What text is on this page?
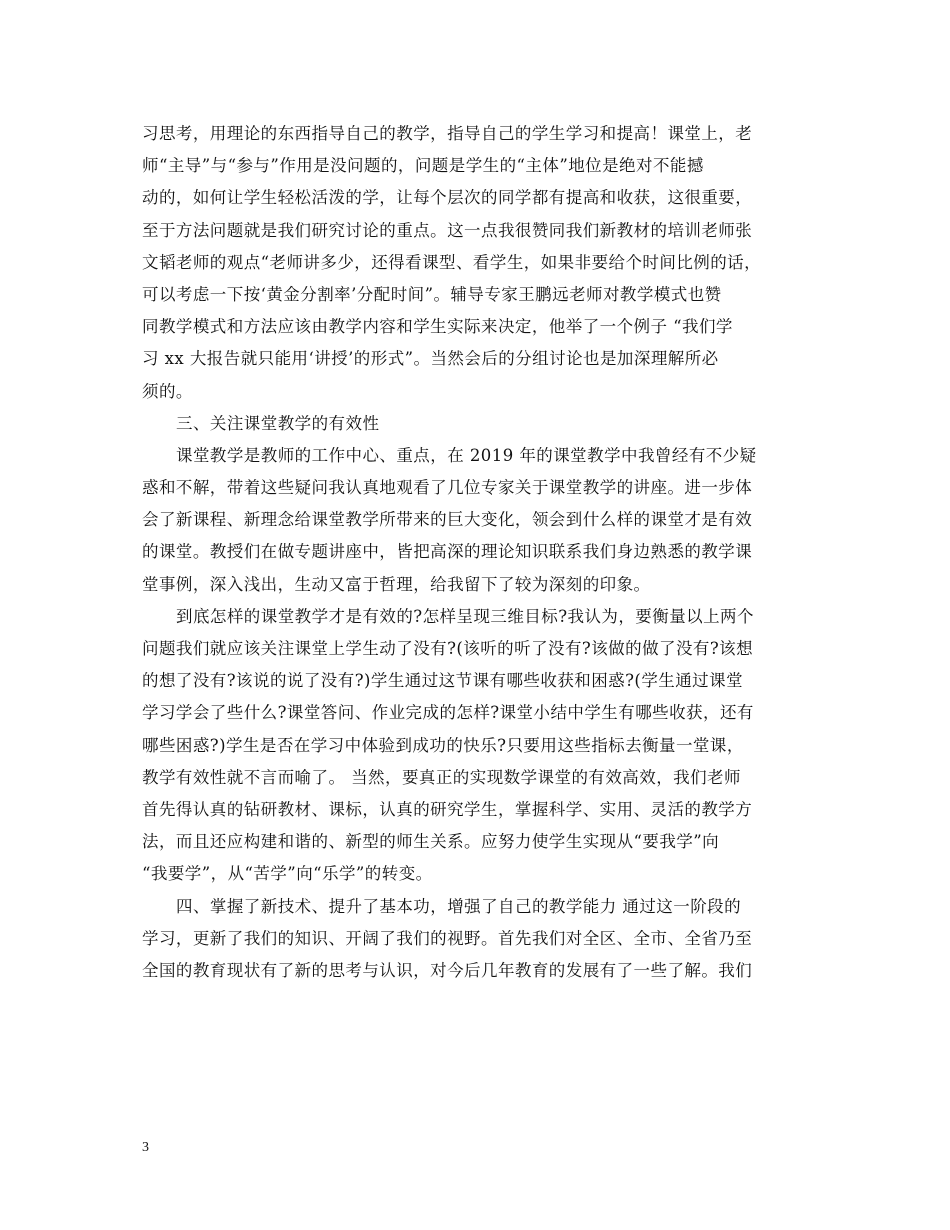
习思考，用理论的东西指导自己的教学，指导自己的学生学习和提高！课堂上，老
师“主导”与“参与”作用是没问题的，问题是学生的“主体”地位是绝对不能撼
动的，如何让学生轻松活泼的学，让每个层次的同学都有提高和收获，这很重要，
至于方法问题就是我们研究讨论的重点。这一点我很赞同我们新教材的培训老师张
文韬老师的观点“老师讲多少，还得看课型、看学生，如果非要给个时间比例的话，
可以考虑一下按‘黄金分割率’分配时间”。辅导专家王鹏远老师对教学模式也赞
同教学模式和方法应该由教学内容和学生实际来决定，他举了一个例子 “我们学
习 xx 大报告就只能用‘讲授’的形式”。当然会后的分组讨论也是加深理解所必
须的。
三、关注课堂教学的有效性
课堂教学是教师的工作中心、重点，在 2019 年的课堂教学中我曾经有不少疑
惑和不解，带着这些疑问我认真地观看了几位专家关于课堂教学的讲座。进一步体
会了新课程、新理念给课堂教学所带来的巨大变化，领会到什么样的课堂才是有效
的课堂。教授们在做专题讲座中，皆把高深的理论知识联系我们身边熟悉的教学课
堂事例，深入浅出，生动又富于哲理，给我留下了较为深刻的印象。
到底怎样的课堂教学才是有效的?怎样呈现三维目标?我认为，要衡量以上两个
问题我们就应该关注课堂上学生动了没有?(该听的听了没有?该做的做了没有?该想
的想了没有?该说的说了没有?)学生通过这节课有哪些收获和困惑?(学生通过课堂
学习学会了些什么?课堂答问、作业完成的怎样?课堂小结中学生有哪些收获，还有
哪些困惑?)学生是否在学习中体验到成功的快乐?只要用这些指标去衡量一堂课，
教学有效性就不言而喻了。 当然，要真正的实现数学课堂的有效高效，我们老师
首先得认真的钻研教材、课标，认真的研究学生，掌握科学、实用、灵活的教学方
法，而且还应构建和谐的、新型的师生关系。应努力使学生实现从“要我学”向
“我要学”，从“苦学”向“乐学”的转变。
四、掌握了新技术、提升了基本功，增强了自己的教学能力 通过这一阶段的
学习，更新了我们的知识、开阔了我们的视野。首先我们对全区、全市、全省乃至
全国的教育现状有了新的思考与认识，对今后几年教育的发展有了一些了解。我们
3
